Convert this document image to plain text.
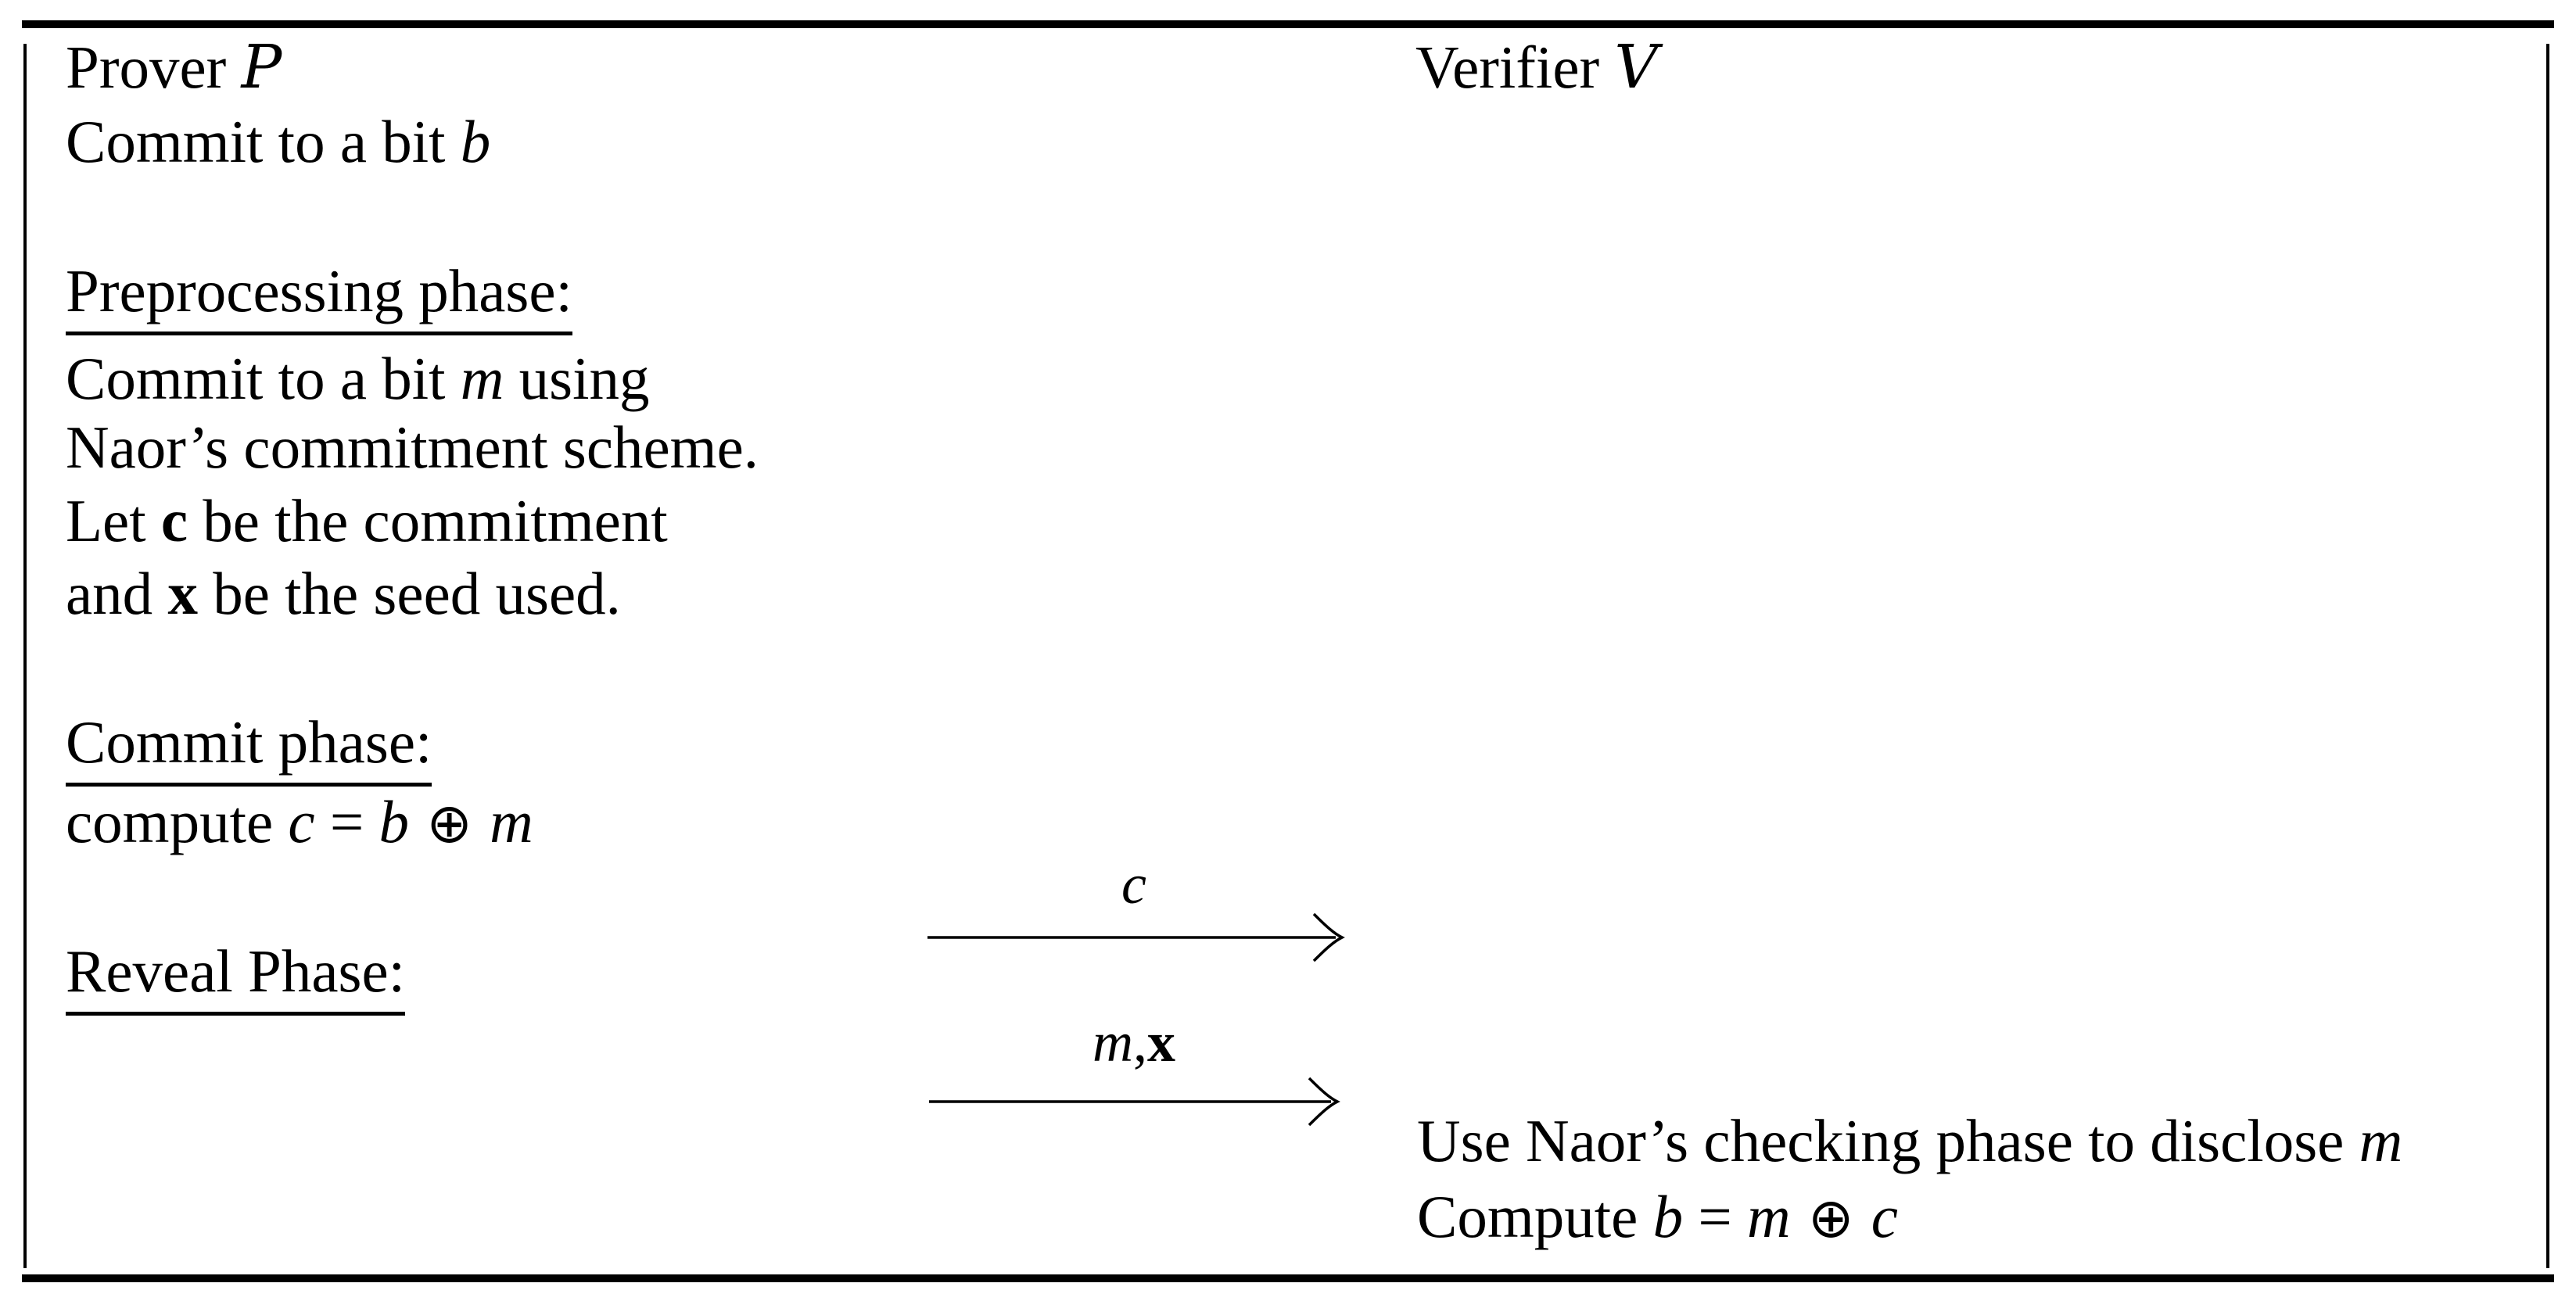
Prover P	Verifier V
Commit to a bit b
Preprocessing phase:
Commit to a bit m using
Naor’s commitment scheme.
Let c be the commitment
and x be the seed used.
Commit phase:
compute c = b ⊕ m
Reveal Phase:
c
m,x
Use Naor’s checking phase to disclose m
Compute b = m ⊕ c
